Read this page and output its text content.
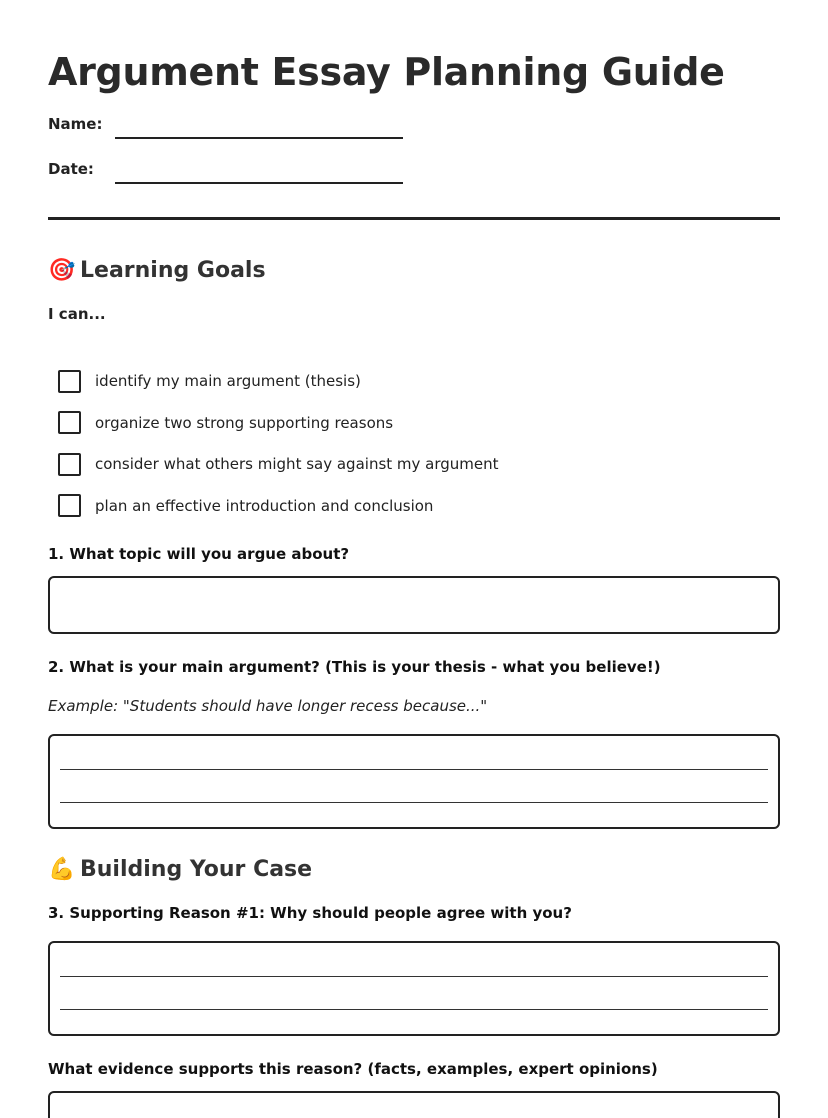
Argument Essay Planning Guide
Name:
Date:
🎯 Learning Goals
I can...
identify my main argument (thesis)
organize two strong supporting reasons
consider what others might say against my argument
plan an effective introduction and conclusion
1. What topic will you argue about?
2. What is your main argument? (This is your thesis - what you believe!)
Example: "Students should have longer recess because..."
💪 Building Your Case
3. Supporting Reason #1: Why should people agree with you?
What evidence supports this reason? (facts, examples, expert opinions)
